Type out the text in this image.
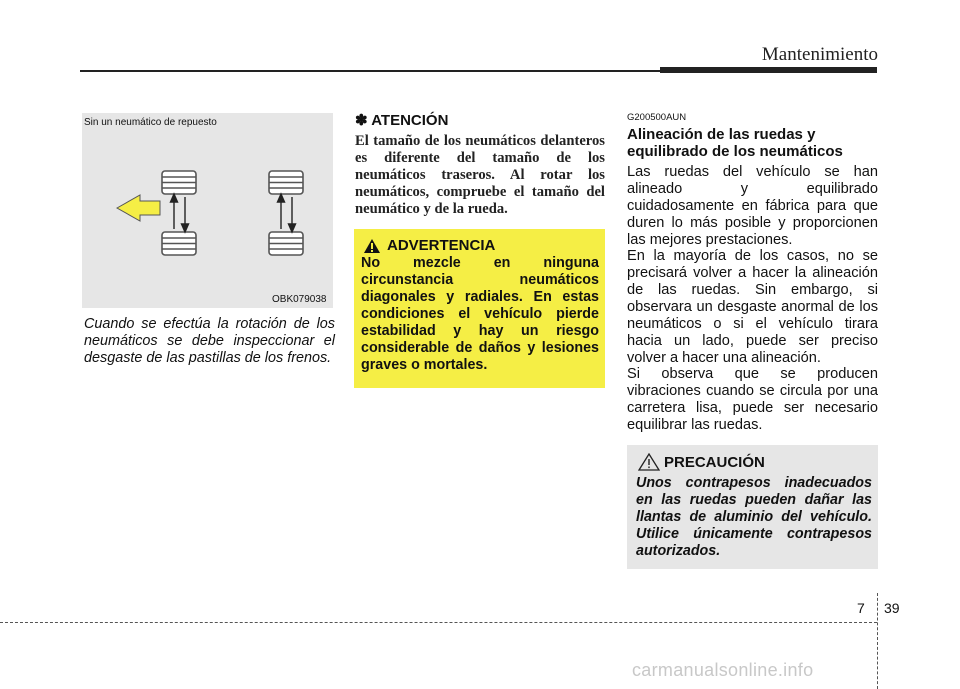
Mantenimiento
Sin un neumático de repuesto
OBK079038
Cuando se efectúa la rotación de los neumáticos se debe inspeccionar el desgaste de las pastillas de los frenos.
✽ ATENCIÓN
El tamaño de los neumáticos delanteros es diferente del tamaño de los neumáticos traseros. Al rotar los neumáticos, compruebe el tamaño del neumático y de la rueda.
ADVERTENCIA
No mezcle en ninguna circunstancia neumáticos diagonales y radiales. En estas condiciones el vehículo pierde estabilidad y hay un riesgo considerable de daños y lesiones graves o mortales.
G200500AUN
Alineación de las ruedas y equilibrado de los neumáticos
Las ruedas del vehículo se han alineado y equilibrado cuidadosamente en fábrica para que duren lo más posible y proporcionen las mejores prestaciones.
En la mayoría de los casos, no se precisará volver a hacer la alineación de las ruedas. Sin embargo, si observara un desgaste anormal de los neumáticos o si el vehículo tirara hacia un lado, puede ser preciso volver a hacer una alineación.
Si observa que se producen vibraciones cuando se circula por una carretera lisa, puede ser necesario equilibrar las ruedas.
PRECAUCIÓN
Unos contrapesos inadecuados en las ruedas pueden dañar las llantas de aluminio del vehículo. Utilice únicamente contrapesos autorizados.
7 39
carmanualsonline.info
